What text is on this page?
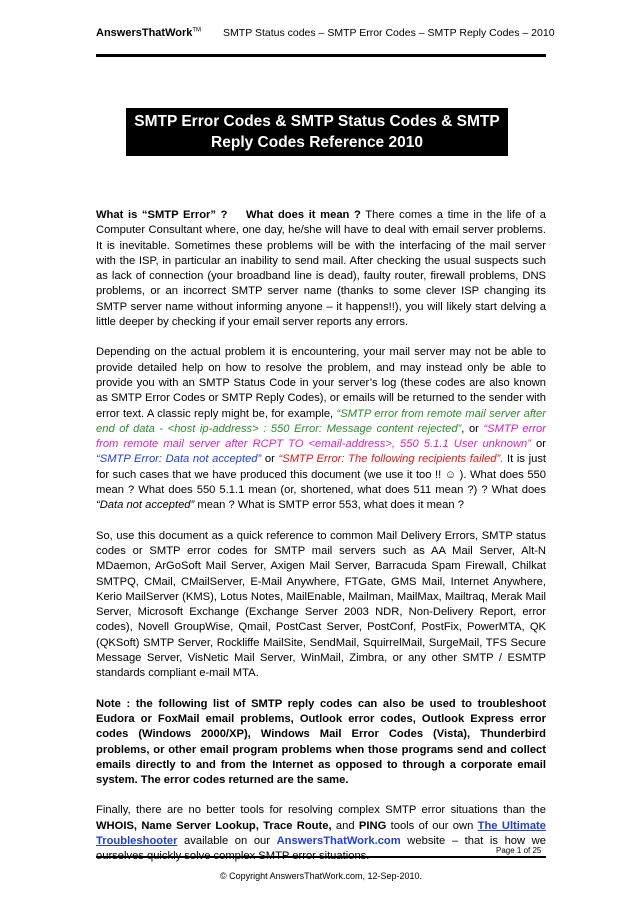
AnswersThatWork™ SMTP Status codes – SMTP Error Codes – SMTP Reply Codes – 2010
SMTP Error Codes & SMTP Status Codes & SMTP
Reply Codes Reference 2010

What is “SMTP Error” ? What does it mean ? There comes a time in the life of a Computer Consultant where, one day, he/she will have to deal with email server problems. It is inevitable. Sometimes these problems will be with the interfacing of the mail server with the ISP, in particular an inability to send mail. After checking the usual suspects such as lack of connection (your broadband line is dead), faulty router, firewall problems, DNS problems, or an incorrect SMTP server name (thanks to some clever ISP changing its SMTP server name without informing anyone – it happens!!), you will likely start delving a little deeper by checking if your email server reports any errors.

Depending on the actual problem it is encountering, your mail server may not be able to provide detailed help on how to resolve the problem, and may instead only be able to provide you with an SMTP Status Code in your server’s log (these codes are also known as SMTP Error Codes or SMTP Reply Codes), or emails will be returned to the sender with error text. A classic reply might be, for example, “SMTP error from remote mail server after end of data - <host ip-address> : 550 Error: Message content rejected”, or “SMTP error from remote mail server after RCPT TO <email-address>, 550 5.1.1 User unknown” or “SMTP Error: Data not accepted” or “SMTP Error: The following recipients failed”. It is just for such cases that we have produced this document (we use it too !! ☺ ). What does 550 mean ? What does 550 5.1.1 mean (or, shortened, what does 511 mean ?) ? What does “Data not accepted” mean ? What is SMTP error 553, what does it mean ?

So, use this document as a quick reference to common Mail Delivery Errors, SMTP status codes or SMTP error codes for SMTP mail servers such as AA Mail Server, Alt-N MDaemon, ArGoSoft Mail Server, Axigen Mail Server, Barracuda Spam Firewall, Chilkat SMTPQ, CMail, CMailServer, E-Mail Anywhere, FTGate, GMS Mail, Internet Anywhere, Kerio MailServer (KMS), Lotus Notes, MailEnable, Mailman, MailMax, Mailtraq, Merak Mail Server, Microsoft Exchange (Exchange Server 2003 NDR, Non-Delivery Report, error codes), Novell GroupWise, Qmail, PostCast Server, PostConf, PostFix, PowerMTA, QK (QKSoft) SMTP Server, Rockliffe MailSite, SendMail, SquirrelMail, SurgeMail, TFS Secure Message Server, VisNetic Mail Server, WinMail, Zimbra, or any other SMTP / ESMTP standards compliant e-mail MTA.

Note : the following list of SMTP reply codes can also be used to troubleshoot Eudora or FoxMail email problems, Outlook error codes, Outlook Express error codes (Windows 2000/XP), Windows Mail Error Codes (Vista), Thunderbird problems, or other email program problems when those programs send and collect emails directly to and from the Internet as opposed to through a corporate email system. The error codes returned are the same.

Finally, there are no better tools for resolving complex SMTP error situations than the WHOIS, Name Server Lookup, Trace Route, and PING tools of our own The Ultimate Troubleshooter available on our AnswersThatWork.com website – that is how we

Page 1 of 25
© Copyright AnswersThatWork.com, 12-Sep-2010.
